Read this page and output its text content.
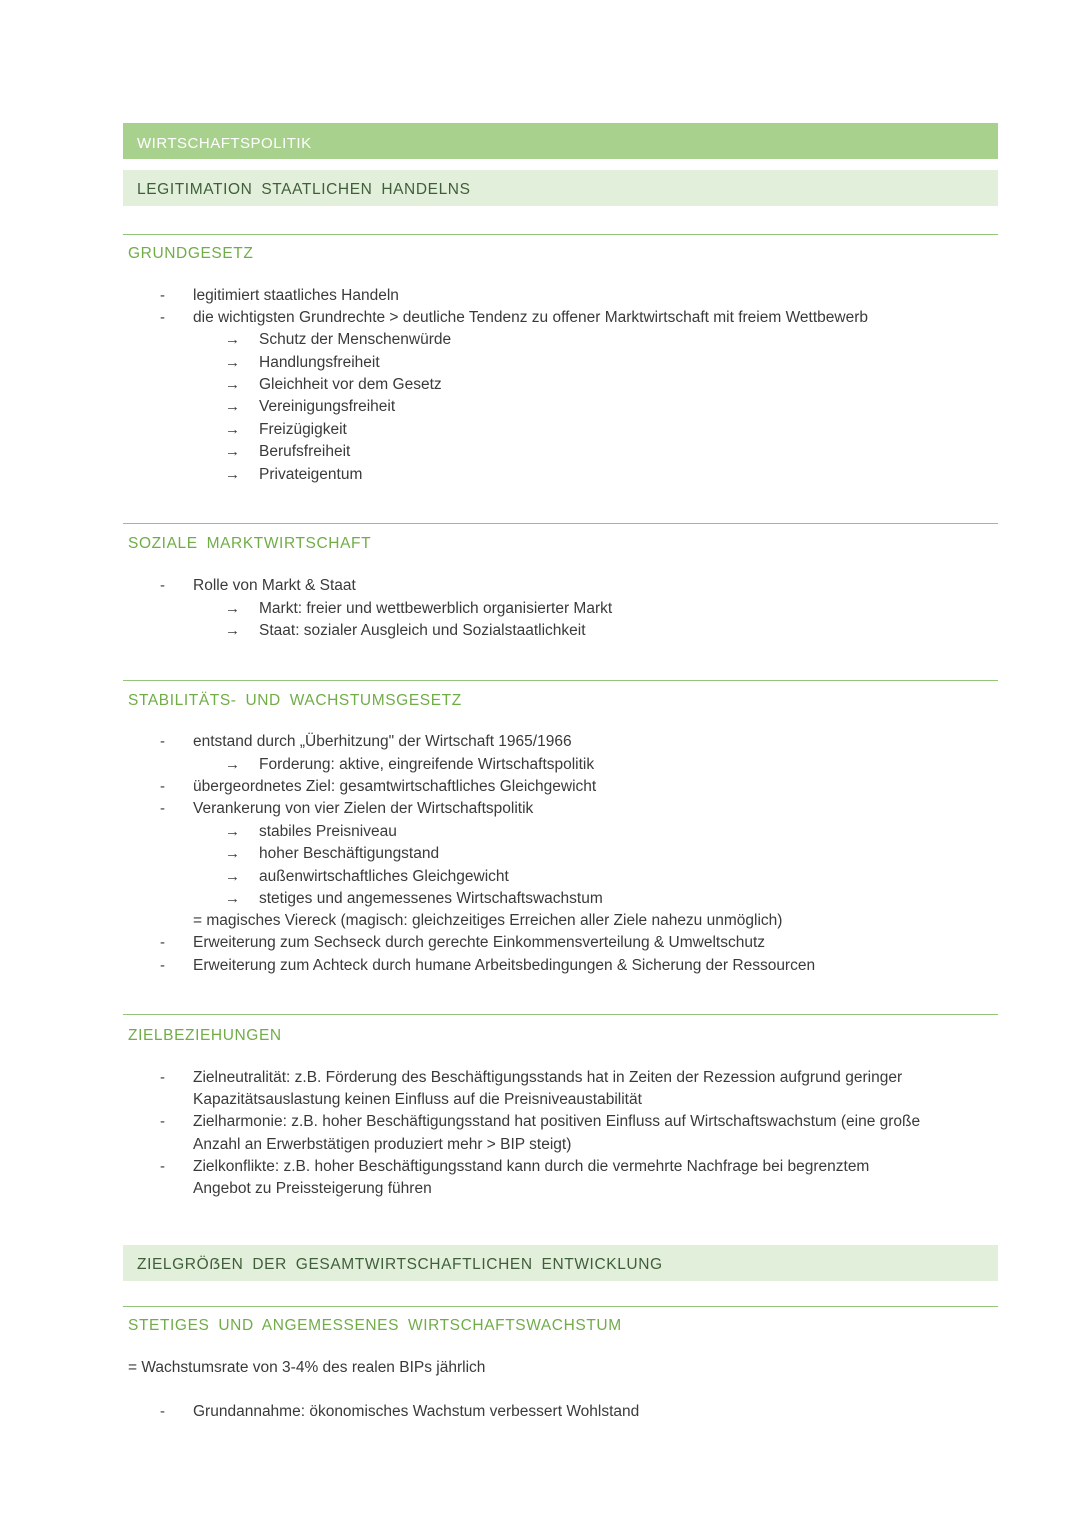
WIRTSCHAFTSPOLITIK
LEGITIMATION STAATLICHEN HANDELNS
GRUNDGESETZ
- legitimiert staatliches Handeln
- die wichtigsten Grundrechte > deutliche Tendenz zu offener Marktwirtschaft mit freiem Wettbewerb
→ Schutz der Menschenwürde
→ Handlungsfreiheit
→ Gleichheit vor dem Gesetz
→ Vereinigungsfreiheit
→ Freizügigkeit
→ Berufsfreiheit
→ Privateigentum
SOZIALE MARKTWIRTSCHAFT
- Rolle von Markt & Staat
→ Markt: freier und wettbewerblich organisierter Markt
→ Staat: sozialer Ausgleich und Sozialstaatlichkeit
STABILITÄTS- UND WACHSTUMSGESETZ
- entstand durch „Überhitzung" der Wirtschaft 1965/1966
→ Forderung: aktive, eingreifende Wirtschaftspolitik
- übergeordnetes Ziel: gesamtwirtschaftliches Gleichgewicht
- Verankerung von vier Zielen der Wirtschaftspolitik
→ stabiles Preisniveau
→ hoher Beschäftigungstand
→ außenwirtschaftliches Gleichgewicht
→ stetiges und angemessenes Wirtschaftswachstum
= magisches Viereck (magisch: gleichzeitiges Erreichen aller Ziele nahezu unmöglich)
- Erweiterung zum Sechseck durch gerechte Einkommensverteilung & Umweltschutz
- Erweiterung zum Achteck durch humane Arbeitsbedingungen & Sicherung der Ressourcen
ZIELBEZIEHUNGEN
- Zielneutralität: z.B. Förderung des Beschäftigungsstands hat in Zeiten der Rezession aufgrund geringer
Kapazitätsauslastung keinen Einfluss auf die Preisniveaustabilität
- Zielharmonie: z.B. hoher Beschäftigungsstand hat positiven Einfluss auf Wirtschaftswachstum (eine große
Anzahl an Erwerbstätigen produziert mehr > BIP steigt)
- Zielkonflikte: z.B. hoher Beschäftigungsstand kann durch die vermehrte Nachfrage bei begrenztem
Angebot zu Preissteigerung führen
ZIELGRÖẞEN DER GESAMTWIRTSCHAFTLICHEN ENTWICKLUNG
STETIGES UND ANGEMESSENES WIRTSCHAFTSWACHSTUM
= Wachstumsrate von 3-4% des realen BIPs jährlich
- Grundannahme: ökonomisches Wachstum verbessert Wohlstand
